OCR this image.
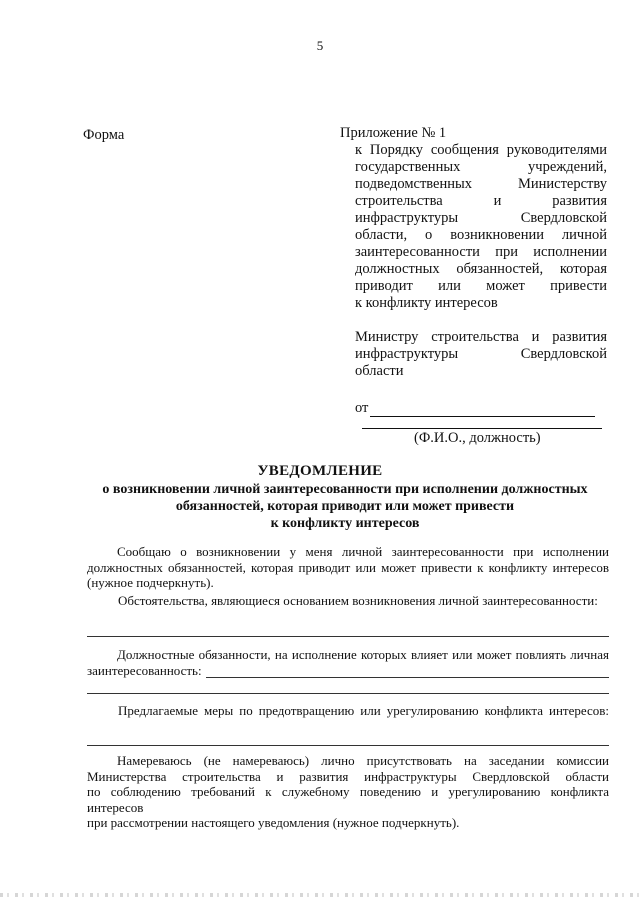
5
Форма	Приложение № 1
к Порядку сообщения руководителями
государственных учреждений,
подведомственных Министерству
строительства и развития
инфраструктуры Свердловской
области, о возникновении личной
заинтересованности при исполнении
должностных обязанностей, которая
приводит или может привести
к конфликту интересов
Министру строительства и развития
инфраструктуры Свердловской
области
от
(Ф.И.О., должность)
УВЕДОМЛЕНИЕ
о возникновении личной заинтересованности при исполнении должностных
обязанностей, которая приводит или может привести
к конфликту интересов
Сообщаю о возникновении у меня личной заинтересованности при исполнении
должностных обязанностей, которая приводит или может привести к конфликту интересов
(нужное подчеркнуть).
Обстоятельства, являющиеся основанием возникновения личной заинтересованности:
Должностные обязанности, на исполнение которых влияет или может повлиять личная
заинтересованность:
Предлагаемые меры по предотвращению или урегулированию конфликта интересов:
Намереваюсь (не намереваюсь) лично присутствовать на заседании комиссии
Министерства строительства и развития инфраструктуры Свердловской области
по соблюдению требований к служебному поведению и урегулированию конфликта интересов
при рассмотрении настоящего уведомления (нужное подчеркнуть).
